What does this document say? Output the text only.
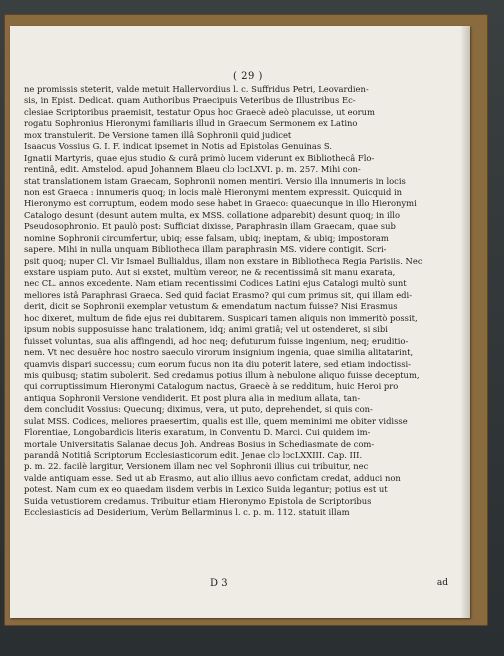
( 29 )
ne promissis steterit, valde metuit Hallervordius l. c. Suffridus Petri, Leovardien-
sis, in Epist. Dedicat. quam Authoribus Praecipuis Veteribus de Illustribus Ec-
clesiae Scriptoribus praemisit, testatur Opus hoc Graecè adeò placuisse, ut eorum
rogatu Sophronius Hieronymi familiaris illud in Graecum Sermonem ex Latino
mox transtulerit. De Versione tamen illâ Sophronii quid judicet
Isaacus Vossius G. I. F. indicat ipsemet in Notis ad Epistolas Genuinas S.
Ignatii Martyris, quae ejus studio & curâ primò lucem viderunt ex Bibliothecâ Flo-
rentinâ, edit. Amstelod. apud Johannem Blaeu clɔ lↄcLXVI. p. m. 257. Mihi con-
stat translationem istam Graecam, Sophronii nomen mentiri. Versio illa innumeris in locis
non est Graeca : innumeris quoq; in locis malè Hieronymi mentem expressit. Quicquid in
Hieronymo est corruptum, eodem modo sese habet in Graeco: quaecunque in illo Hieronymi
Catalogo desunt (desunt autem multa, ex MSS. collatione adparebit) desunt quoq; in illo
Pseudosophronio. Et paulò post: Sufficiat dixisse, Paraphrasin illam Graecam, quae sub
nomine Sophronii circumfertur, ubiq; esse falsam, ubiq; ineptam, & ubiq; impostoram
sapere. Mihi in nulla unquam Bibliotheca illam paraphrasin MS. videre contigit. Scri-
psit quoq; nuper Cl. Vir Ismael Bullialdus, illam non exstare in Bibliotheca Regia Parisiis. Nec
exstare uspiam puto. Aut si exstet, multùm vereor, ne & recentissimâ sit manu exarata,
nec CL. annos excedente. Nam etiam recentissimi Codices Latini ejus Catalogi multò sunt
meliores istâ Paraphrasi Graeca. Sed quid faciat Erasmo? qui cum primus sit, qui illam edi-
derit, dicit se Sophronii exemplar vetustum & emendatum nactum fuisse? Nisi Erasmus
hoc dixeret, multum de fide ejus rei dubitarem. Suspicari tamen aliquis non immeritò possit,
ipsum nobis supposuisse hanc tralationem, idq; animi gratiâ; vel ut ostenderet, si sibi
fuisset voluntas, sua alis affingendi, ad hoc neq; defuturum fuisse ingenium, neq; eruditio-
nem. Vt nec desuêre hoc nostro saeculo virorum insignium ingenia, quae similia alitatarint,
quamvis dispari successu; cum eorum fucus non ita diu poterit latere, sed etiam indoctissi-
mis quibusq; statim subolerit. Sed credamus potius illum à nebulone aliquo fuisse deceptum,
qui corruptissimum Hieronymi Catalogum nactus, Graecè à se redditum, huic Heroi pro
antiqua Sophronii Versione vendiderit. Et post plura alia in medium allata, tan-
dem concludit Vossius: Quecunq; diximus, vera, ut puto, deprehendet, si quis con-
sulat MSS. Codices, meliores praesertim, qualis est ille, quem meminimi me obiter vidisse
Florentiae, Longobardicis literis exaratum, in Conventu D. Marci. Cui quidem im-
mortale Universitatis Salanae decus Joh. Andreas Bosius in Schediasmate de com-
parandâ Notitiâ Scriptorum Ecclesiasticorum edit. Jenae clɔ lↄcLXXIII. Cap. III.
p. m. 22. facilè largitur, Versionem illam nec vel Sophronii illius cui tribuitur, nec
valde antiquam esse. Sed ut ab Erasmo, aut alio illius aevo confictam credat, adduci non
potest. Nam cum ex eo quaedam iisdem verbis in Lexico Suida legantur; potius est ut
Suida vetustiorem credamus. Tribuitur etiam Hieronymo Epistola de Scriptoribus
Ecclesiasticis ad Desiderium, Verùm Bellarminus l. c. p. m. 112. statuit illam
D 3	ad
